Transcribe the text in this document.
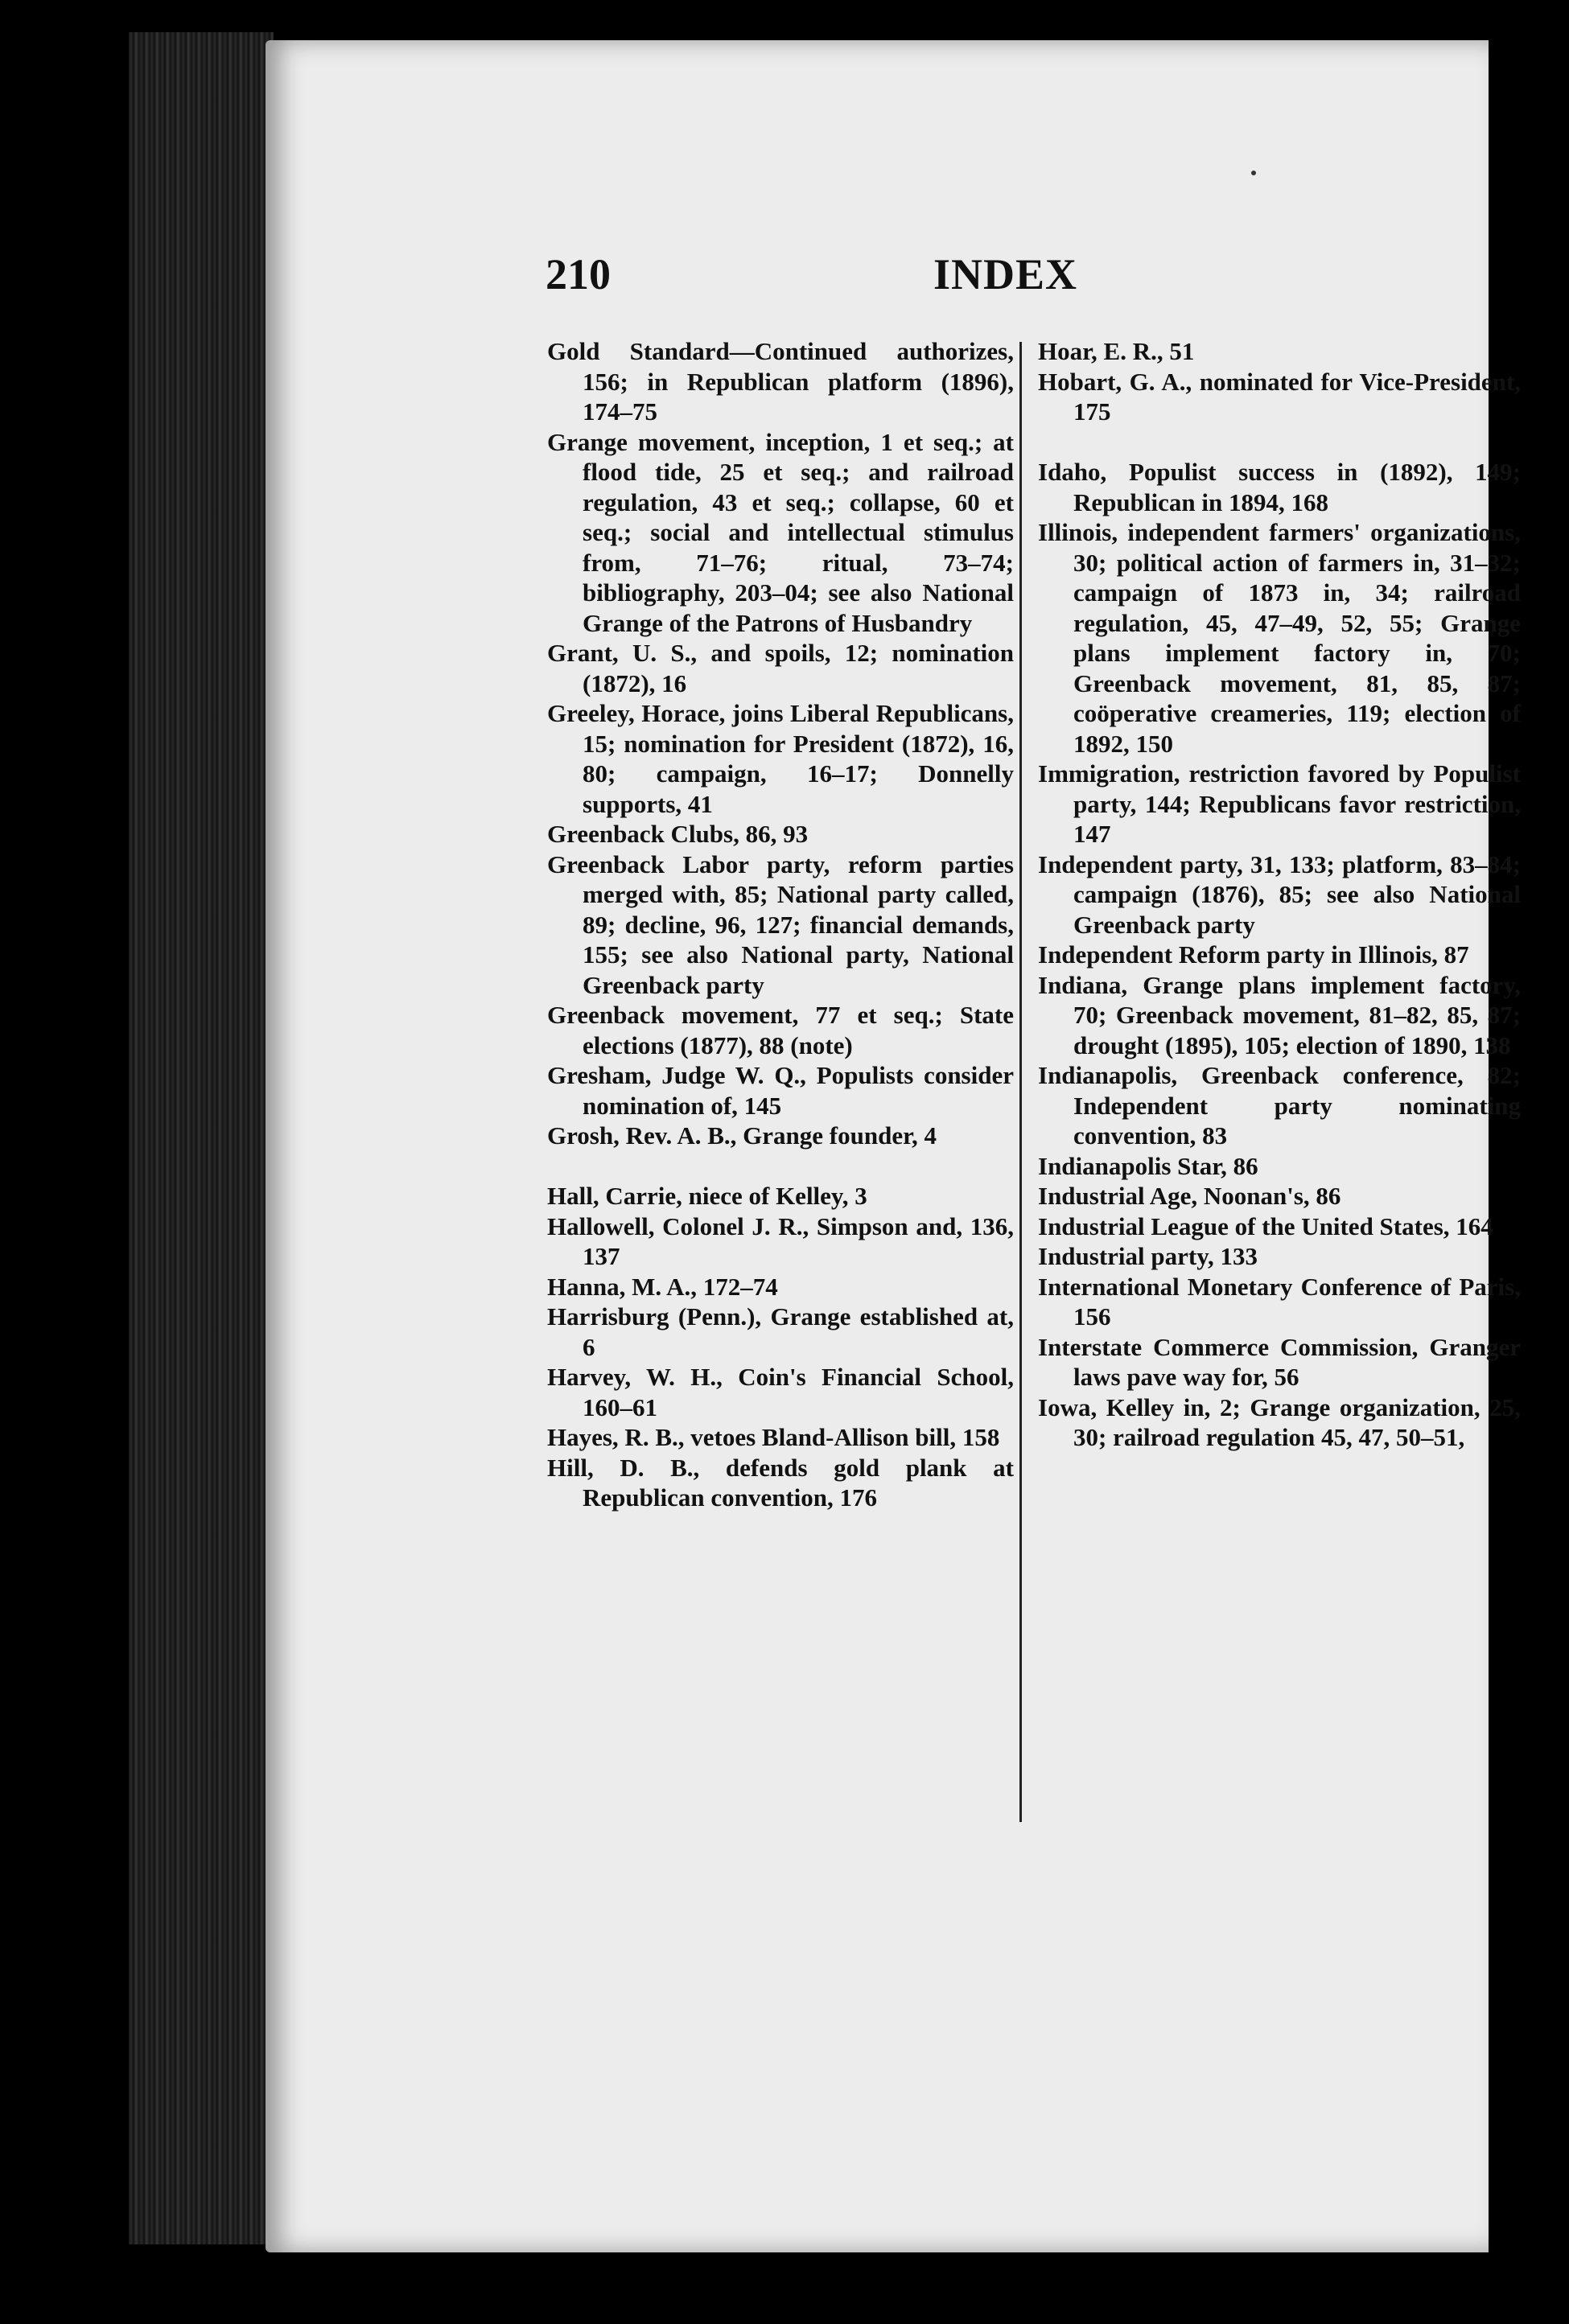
210	INDEX

Gold Standard—Continued authorizes, 156; in Republican platform (1896), 174–75

Grange movement, inception, 1 et seq.; at flood tide, 25 et seq.; and railroad regulation, 43 et seq.; collapse, 60 et seq.; social and intellectual stimulus from, 71–76; ritual, 73–74; bibliography, 203–04; see also National Grange of the Patrons of Husbandry

Grant, U. S., and spoils, 12; nomination (1872), 16

Greeley, Horace, joins Liberal Republicans, 15; nomination for President (1872), 16, 80; campaign, 16–17; Donnelly supports, 41

Greenback Clubs, 86, 93

Greenback Labor party, reform parties merged with, 85; National party called, 89; decline, 96, 127; financial demands, 155; see also National party, National Greenback party

Greenback movement, 77 et seq.; State elections (1877), 88 (note)

Gresham, Judge W. Q., Populists consider nomination of, 145

Grosh, Rev. A. B., Grange founder, 4

Hall, Carrie, niece of Kelley, 3

Hallowell, Colonel J. R., Simpson and, 136, 137

Hanna, M. A., 172–74

Harrisburg (Penn.), Grange established at, 6

Harvey, W. H., Coin's Financial School, 160–61

Hayes, R. B., vetoes Bland-Allison bill, 158

Hill, D. B., defends gold plank at Republican convention, 176

Hoar, E. R., 51

Hobart, G. A., nominated for Vice-President, 175

Idaho, Populist success in (1892), 149; Republican in 1894, 168

Illinois, independent farmers' organizations, 30; political action of farmers in, 31–32; campaign of 1873 in, 34; railroad regulation, 45, 47–49, 52, 55; Grange plans implement factory in, 70; Greenback movement, 81, 85, 87; coöperative creameries, 119; election of 1892, 150

Immigration, restriction favored by Populist party, 144; Republicans favor restriction, 147

Independent party, 31, 133; platform, 83–84; campaign (1876), 85; see also National Greenback party

Independent Reform party in Illinois, 87

Indiana, Grange plans implement factory, 70; Greenback movement, 81–82, 85, 87; drought (1895), 105; election of 1890, 138

Indianapolis, Greenback conference, 82; Independent party nominating convention, 83

Indianapolis Star, 86

Industrial Age, Noonan's, 86

Industrial League of the United States, 164

Industrial party, 133

International Monetary Conference of Paris, 156

Interstate Commerce Commission, Granger laws pave way for, 56

Iowa, Kelley in, 2; Grange organization, 25, 30; railroad regulation 45, 47, 50–51,
